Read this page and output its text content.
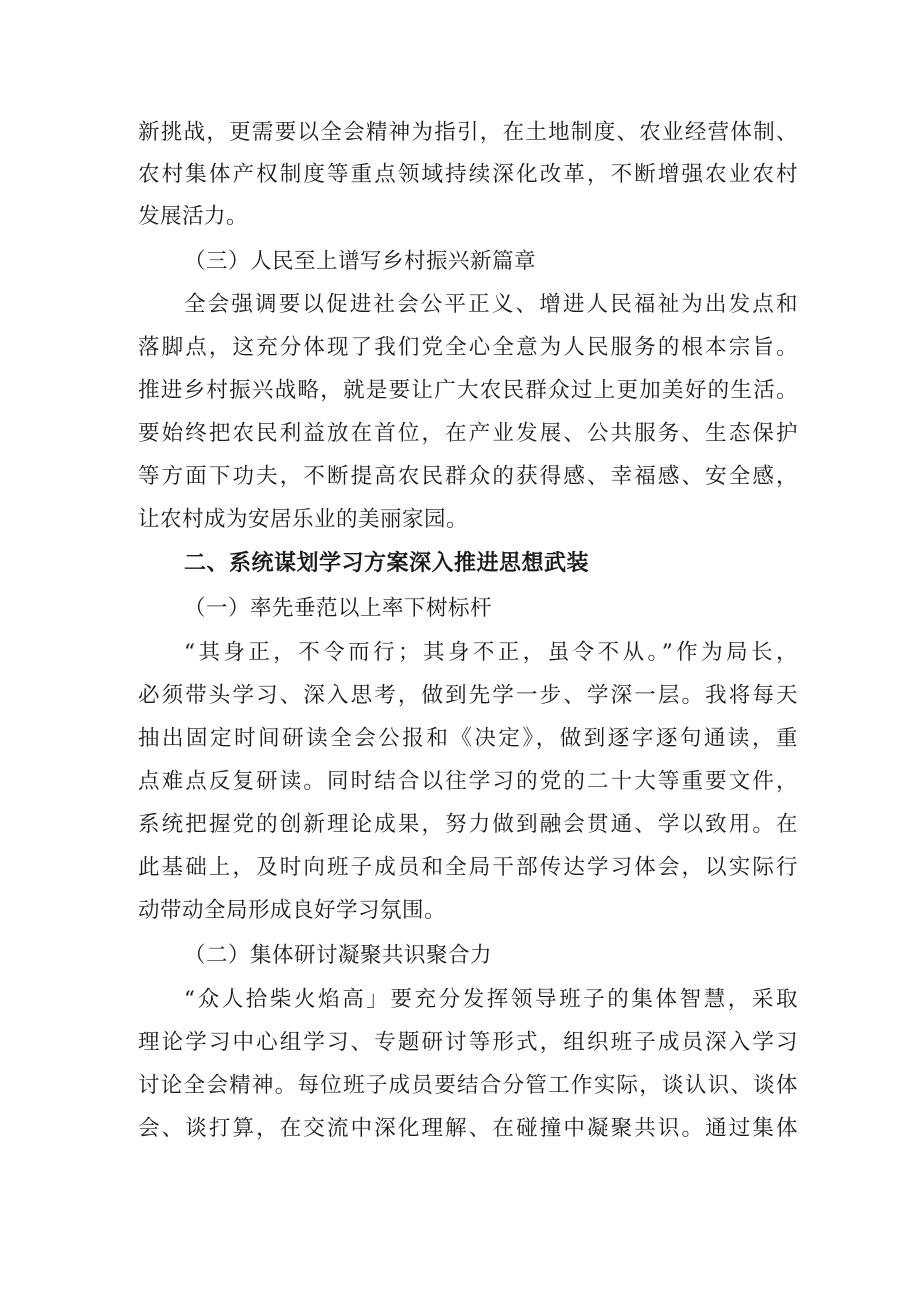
新挑战，更需要以全会精神为指引，在土地制度、农业经营体制、
农村集体产权制度等重点领域持续深化改革，不断增强农业农村
发展活力。
（三）人民至上谱写乡村振兴新篇章
全会强调要以促进社会公平正义、增进人民福祉为出发点和
落脚点，这充分体现了我们党全心全意为人民服务的根本宗旨。
推进乡村振兴战略，就是要让广大农民群众过上更加美好的生活。
要始终把农民利益放在首位，在产业发展、公共服务、生态保护
等方面下功夫，不断提高农民群众的获得感、幸福感、安全感，
让农村成为安居乐业的美丽家园。
二、系统谋划学习方案深入推进思想武装
（一）率先垂范以上率下树标杆
“其身正，不令而行；其身不正，虽令不从。”作为局长，
必须带头学习、深入思考，做到先学一步、学深一层。我将每天
抽出固定时间研读全会公报和《决定》，做到逐字逐句通读，重
点难点反复研读。同时结合以往学习的党的二十大等重要文件，
系统把握党的创新理论成果，努力做到融会贯通、学以致用。在
此基础上，及时向班子成员和全局干部传达学习体会，以实际行
动带动全局形成良好学习氛围。
（二）集体研讨凝聚共识聚合力
“众人拾柴火焰高」要充分发挥领导班子的集体智慧，采取
理论学习中心组学习、专题研讨等形式，组织班子成员深入学习
讨论全会精神。每位班子成员要结合分管工作实际，谈认识、谈体
会、谈打算，在交流中深化理解、在碰撞中凝聚共识。通过集体
